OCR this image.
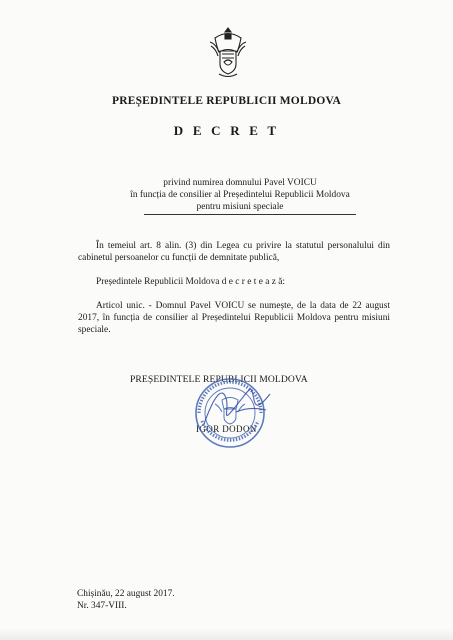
PREȘEDINTELE REPUBLICII MOLDOVA
D E C R E T
privind numirea domnului Pavel VOICU
în funcția de consilier al Președintelui Republicii Moldova
pentru misiuni speciale
În temeiul art. 8 alin. (3) din Legea cu privire la statutul personalului din cabinetul persoanelor cu funcții de demnitate publică,
Președintele Republicii Moldova d e c r e t e a z ă:
Articol unic. - Domnul Pavel VOICU se numește, de la data de 22 august 2017, în funcția de consilier al Președintelui Republicii Moldova pentru misiuni speciale.
PREȘEDINTELE REPUBLICII MOLDOVA
IGOR DODON
Chișinău, 22 august 2017.
Nr. 347-VIII.
